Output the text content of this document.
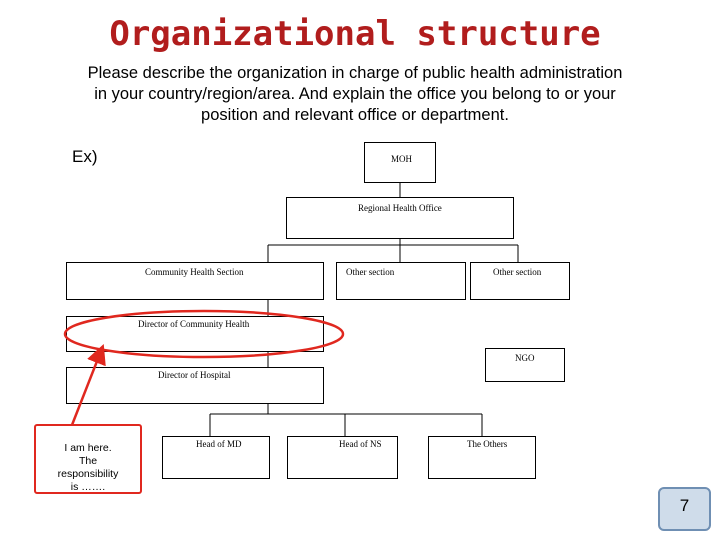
Organizational structure
Please describe the organization in charge of public health administration
in your country/region/area. And explain the office you belong to or your
position and relevant office or department.
Ex)	MOH
Regional Health Office
Community Health Section	Other section	Other section
Director of Community Health
NGO
Director of Hospital
Head of MD	Head of NS	The Others
I am here.
The
responsibility
is …….
7
